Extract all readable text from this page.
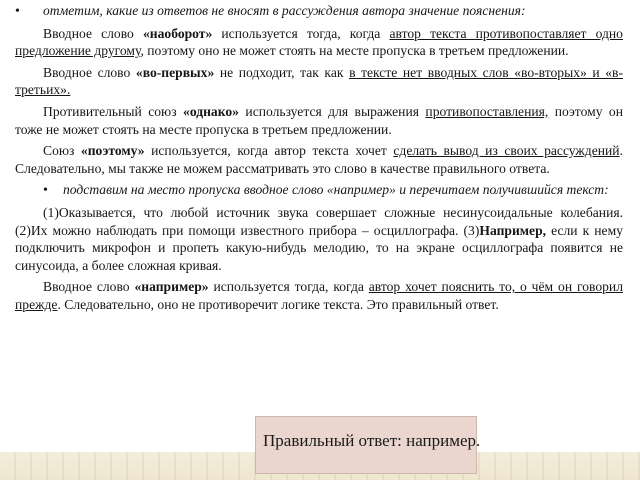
• отметим, какие из ответов не вносят в рассуждения автора значение пояснения:
Вводное слово «наоборот» используется тогда, когда автор текста противопоставляет одно предложение другому, поэтому оно не может стоять на месте пропуска в третьем предложении.
Вводное слово «во-первых» не подходит, так как в тексте нет вводных слов «во-вторых» и «в-третьих».
Противительный союз «однако» используется для выражения противопоставления, поэтому он тоже не может стоять на месте пропуска в третьем предложении.
Союз «поэтому» используется, когда автор текста хочет сделать вывод из своих рассуждений. Следовательно, мы также не можем рассматривать это слово в качестве правильного ответа.
• подставим на место пропуска вводное слово «например» и перечитаем получившийся текст:
(1)Оказывается, что любой источник звука совершает сложные несинусоидальные колебания. (2)Их можно наблюдать при помощи известного прибора – осциллографа. (3)Например, если к нему подключить микрофон и пропеть какую-нибудь мелодию, то на экране осциллографа появится не синусоида, а более сложная кривая.
Вводное слово «например» используется тогда, когда автор хочет пояснить то, о чём он говорил прежде. Следовательно, оно не противоречит логике текста. Это правильный ответ.
Правильный ответ: например.
